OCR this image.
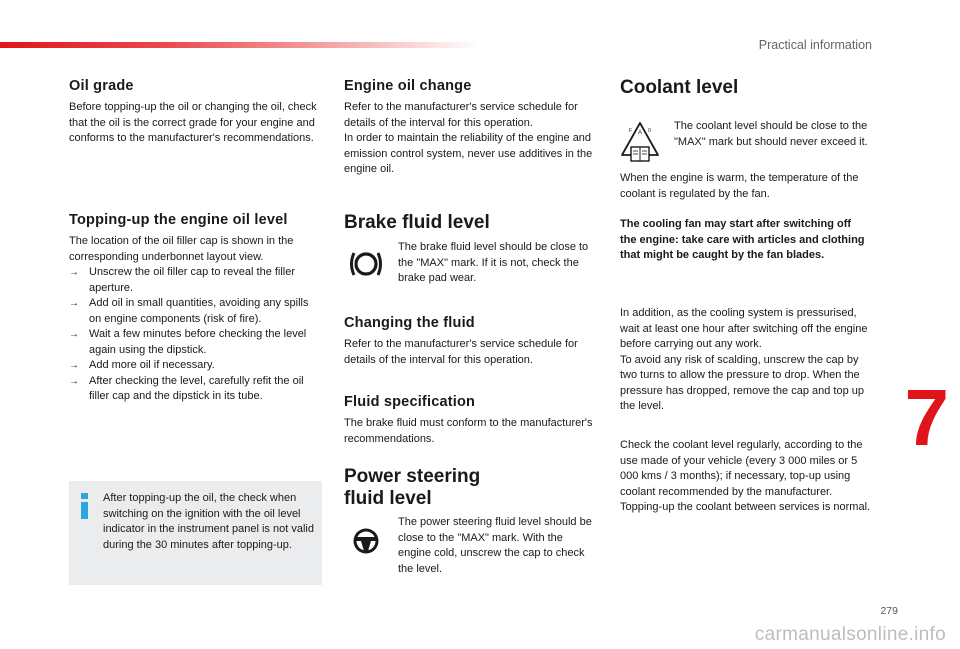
Practical information
7
279
carmanualsonline.info
Oil grade

Before topping-up the oil or changing the oil, check that the oil is the correct grade for your engine and conforms to the manufacturer's recommendations.

Topping-up the engine oil level

The location of the oil filler cap is shown in the corresponding underbonnet layout view.

→ Unscrew the oil filler cap to reveal the filler aperture.
→ Add oil in small quantities, avoiding any spills on engine components (risk of fire).
→ Wait a few minutes before checking the level again using the dipstick.
→ Add more oil if necessary.
→ After checking the level, carefully refit the oil filler cap and the dipstick in its tube.

After topping-up the oil, the check when switching on the ignition with the oil level indicator in the instrument panel is not valid during the 30 minutes after topping-up.

Engine oil change

Refer to the manufacturer's service schedule for details of the interval for this operation.

In order to maintain the reliability of the engine and emission control system, never use additives in the engine oil.

Brake fluid level

The brake fluid level should be close to the "MAX" mark. If it is not, check the brake pad wear.

Changing the fluid

Refer to the manufacturer's service schedule for details of the interval for this operation.

Fluid specification

The brake fluid must conform to the manufacturer's recommendations.

Power steering
fluid level

The power steering fluid level should be close to the "MAX" mark. With the engine cold, unscrew the cap to check the level.

Coolant level
A
F	0 The coolant level should be close to the "MAX" mark but should never exceed it.

When the engine is warm, the temperature of the coolant is regulated by the fan.

The cooling fan may start after switching off the engine: take care with articles and clothing that might be caught by the fan blades.

In addition, as the cooling system is pressurised, wait at least one hour after switching off the engine before carrying out any work.

To avoid any risk of scalding, unscrew the cap by two turns to allow the pressure to drop. When the pressure has dropped, remove the cap and top up the level.

Check the coolant level regularly, according to the use made of your vehicle (every 3 000 miles or 5 000 kms / 3 months); if necessary, top-up using coolant recommended by the manufacturer.

Topping-up the coolant between services is normal.
